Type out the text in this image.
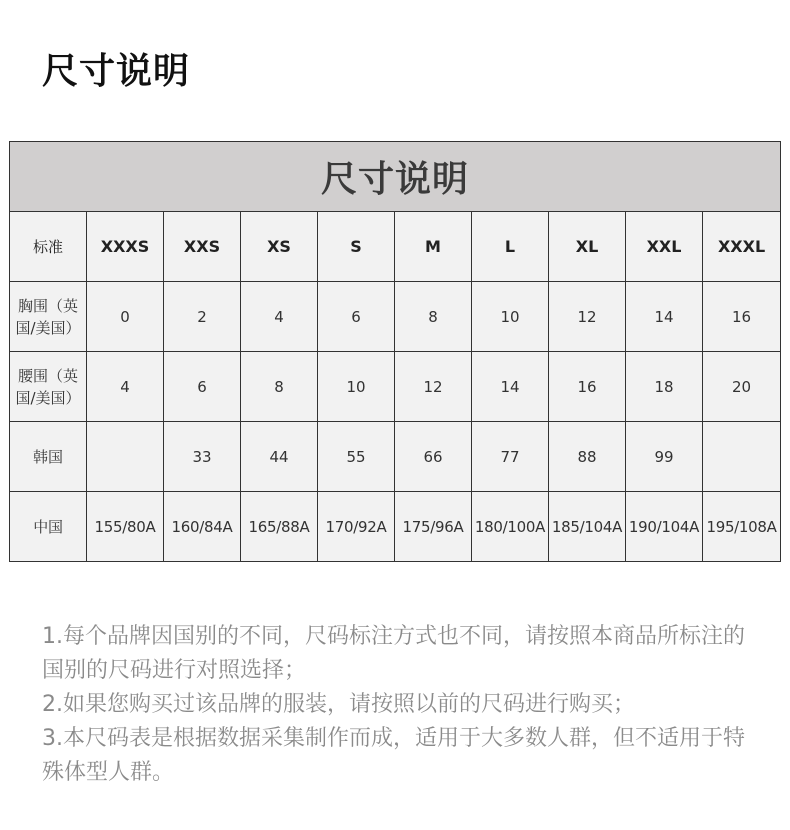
尺寸说明
尺寸说明									
标准	XXXS	XXS	XS	S	M	L	XL	XXL	XXXL
胸围（英国/美国）	0	2	4	6	8	10	12	14	16
腰围（英国/美国）	4	6	8	10	12	14	16	18	20
韩国		33	44	55	66	77	88	99	
中国	155/80A	160/84A	165/88A	170/92A	175/96A	180/100A	185/104A	190/104A	195/108A

1.每个品牌因国别的不同，尺码标注方式也不同，请按照本商品所标注的国别的尺码进行对照选择；

2.如果您购买过该品牌的服装，请按照以前的尺码进行购买；

3.本尺码表是根据数据采集制作而成，适用于大多数人群，但不适用于特殊体型人群。
